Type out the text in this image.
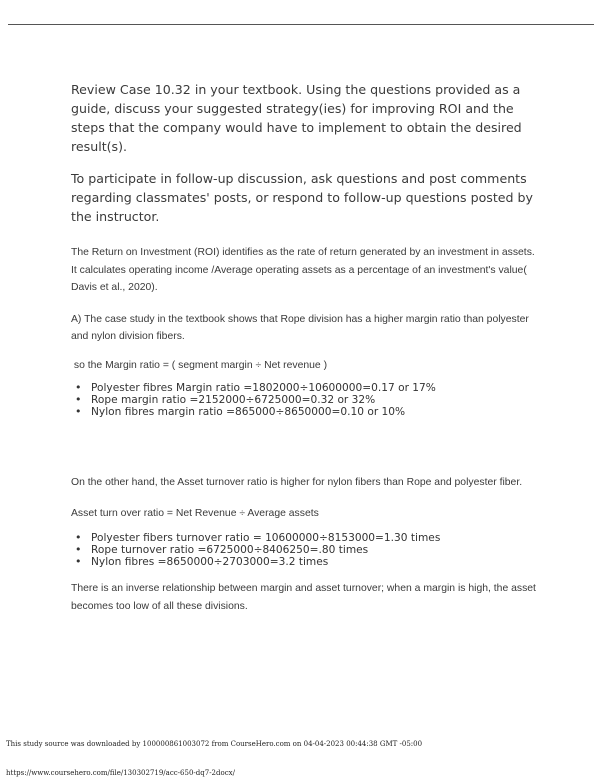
Review Case 10.32 in your textbook. Using the questions provided as a guide, discuss your suggested strategy(ies) for improving ROI and the steps that the company would have to implement to obtain the desired result(s).

To participate in follow-up discussion, ask questions and post comments regarding classmates' posts, or respond to follow-up questions posted by the instructor.

The Return on Investment (ROI) identifies as the rate of return generated by an investment in assets. It calculates operating income /Average operating assets as a percentage of an investment's value( Davis et al., 2020).

A) The case study in the textbook shows that Rope division has a higher margin ratio than polyester and nylon division fibers.

so the Margin ratio = ( segment margin ÷ Net revenue )

• Polyester fibres Margin ratio =1802000÷10600000=0.17 or 17%
• Rope margin ratio =2152000÷6725000=0.32 or 32%
• Nylon fibres margin ratio =865000÷8650000=0.10 or 10%

On the other hand, the Asset turnover ratio is higher for nylon fibers than Rope and polyester fiber.

Asset turn over ratio = Net Revenue ÷ Average assets

• Polyester fibers turnover ratio = 10600000÷8153000=1.30 times
• Rope turnover ratio =6725000÷8406250=.80 times
• Nylon fibres =8650000÷2703000=3.2 times

There is an inverse relationship between margin and asset turnover; when a margin is high, the asset becomes too low of all these divisions.

This study source was downloaded by 100000861003072 from CourseHero.com on 04-04-2023 00:44:38 GMT -05:00
https://www.coursehero.com/file/130302719/acc-650-dq7-2docx/
